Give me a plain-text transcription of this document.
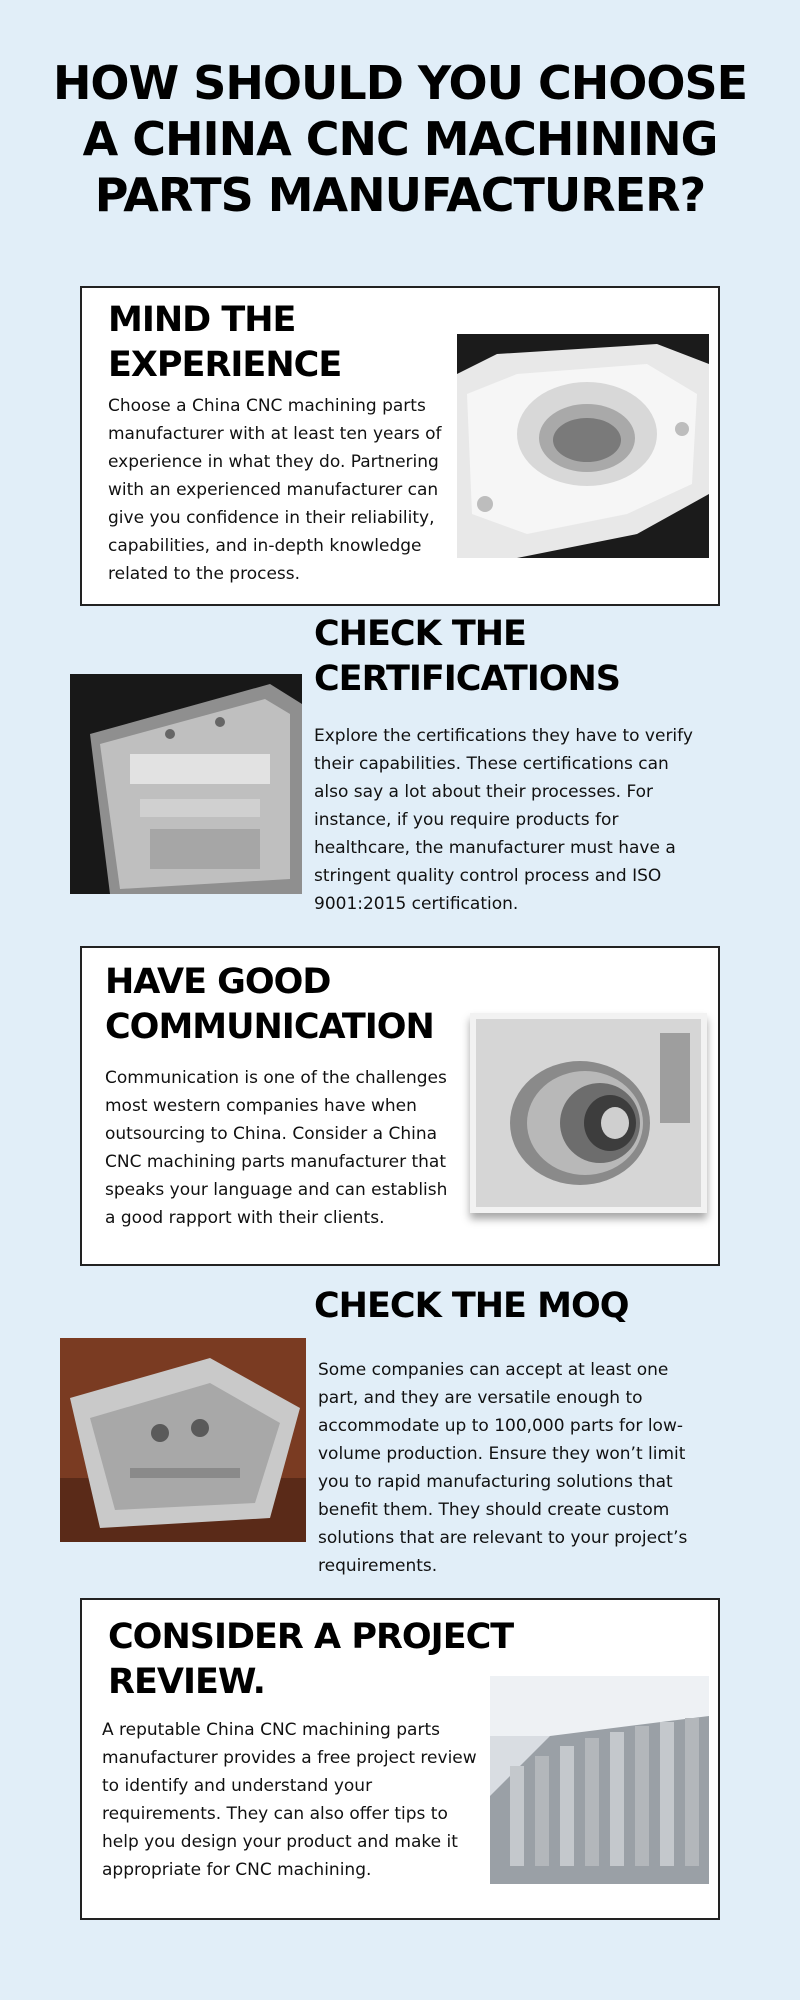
HOW SHOULD YOU CHOOSE A CHINA CNC MACHINING PARTS MANUFACTURER?
MIND THE EXPERIENCE

Choose a China CNC machining parts manufacturer with at least ten years of experience in what they do. Partnering with an experienced manufacturer can give you confidence in their reliability, capabilities, and in-depth knowledge related to the process.

CHECK THE CERTIFICATIONS

Explore the certifications they have to verify their capabilities. These certifications can also say a lot about their processes. For instance, if you require products for healthcare, the manufacturer must have a stringent quality control process and ISO 9001:2015 certification.

HAVE GOOD COMMUNICATION

Communication is one of the challenges most western companies have when outsourcing to China. Consider a China CNC machining parts manufacturer that speaks your language and can establish a good rapport with their clients.

CHECK THE MOQ

Some companies can accept at least one part, and they are versatile enough to accommodate up to 100,000 parts for low-volume production. Ensure they won’t limit you to rapid manufacturing solutions that benefit them. They should create custom solutions that are relevant to your project’s requirements.

CONSIDER A PROJECT REVIEW.

A reputable China CNC machining parts manufacturer provides a free project review to identify and understand your requirements. They can also offer tips to help you design your product and make it appropriate for CNC machining.
